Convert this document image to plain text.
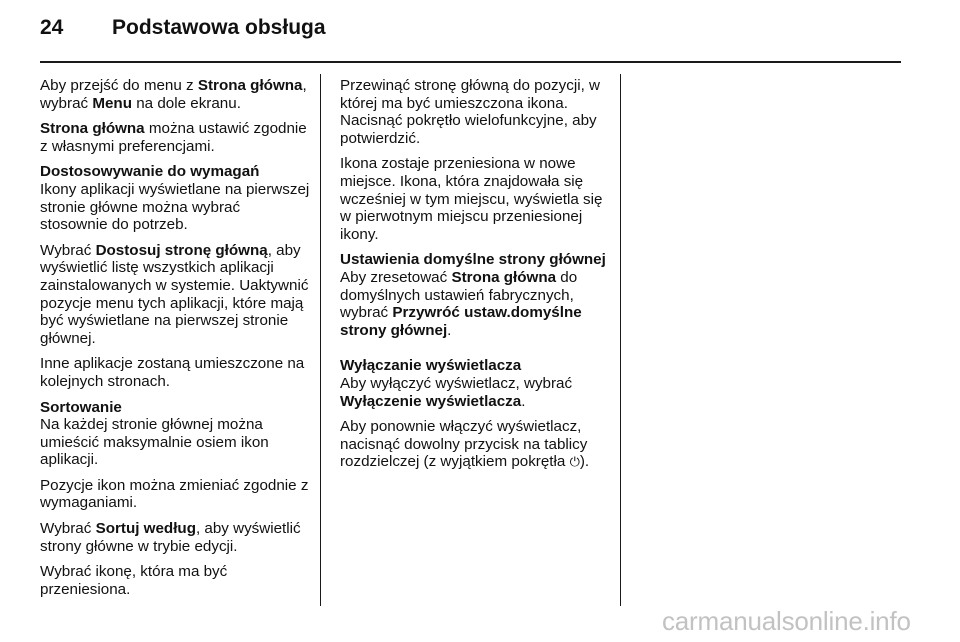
24 Podstawowa obsługa

Aby przejść do menu z Strona główna, wybrać Menu na dole ekranu.

Strona główna można ustawić zgodnie z własnymi preferencjami.

Dostosowywanie do wymagań

Ikony aplikacji wyświetlane na pierwszej stronie główne można wybrać stosownie do potrzeb.

Wybrać Dostosuj stronę główną, aby wyświetlić listę wszystkich aplikacji zainstalowanych w systemie. Uaktywnić pozycje menu tych aplikacji, które mają być wyświetlane na pierwszej stronie głównej.

Inne aplikacje zostaną umieszczone na kolejnych stronach.

Sortowanie

Na każdej stronie głównej można umieścić maksymalnie osiem ikon aplikacji.

Pozycje ikon można zmieniać zgodnie z wymaganiami.

Wybrać Sortuj według, aby wyświetlić strony główne w trybie edycji.

Wybrać ikonę, która ma być przeniesiona.

Przewinąć stronę główną do pozycji, w której ma być umieszczona ikona. Nacisnąć pokrętło wielofunkcyjne, aby potwierdzić.

Ikona zostaje przeniesiona w nowe miejsce. Ikona, która znajdowała się wcześniej w tym miejscu, wyświetla się w pierwotnym miejscu przeniesionej ikony.

Ustawienia domyślne strony głównej

Aby zresetować Strona główna do domyślnych ustawień fabrycznych, wybrać Przywróć ustaw.domyślne strony głównej.

Wyłączanie wyświetlacza

Aby wyłączyć wyświetlacz, wybrać Wyłączenie wyświetlacza.

Aby ponownie włączyć wyświetlacz, nacisnąć dowolny przycisk na tablicy rozdzielczej (z wyjątkiem pokrętła ⏻).

carmanualsonline.info
